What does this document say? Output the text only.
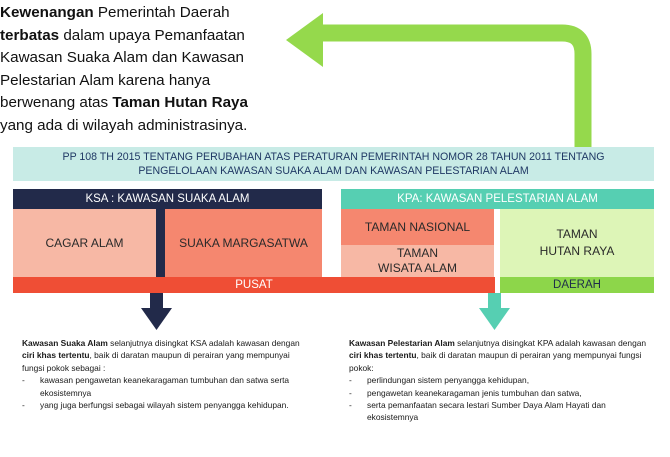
Kewenangan Pemerintah Daerah terbatas dalam upaya Pemanfaatan Kawasan Suaka Alam dan Kawasan Pelestarian Alam karena hanya berwenang atas Taman Hutan Raya yang ada di wilayah administrasinya.
PP 108 TH 2015 TENTANG PERUBAHAN ATAS PERATURAN PEMERINTAH NOMOR 28 TAHUN 2011 TENTANG
PENGELOLAAN KAWASAN SUAKA ALAM DAN KAWASAN PELESTARIAN ALAM
KSA : KAWASAN SUAKA ALAM	KPA: KAWASAN PELESTARIAN ALAM
CAGAR ALAM	SUAKA MARGASATWA
TAMAN NASIONAL
TAMAN
WISATA ALAM
TAMAN
HUTAN RAYA
PUSAT	DAERAH
Kawasan Suaka Alam selanjutnya disingkat KSA adalah kawasan dengan ciri khas tertentu, baik di daratan maupun di perairan yang mempunyai fungsi pokok sebagai :
- kawasan pengawetan keanekaragaman tumbuhan dan satwa serta ekosistemnya
- yang juga berfungsi sebagai wilayah sistem penyangga kehidupan.
Kawasan Pelestarian Alam selanjutnya disingkat KPA adalah kawasan dengan ciri khas tertentu, baik di daratan maupun di perairan yang mempunyai fungsi pokok:
- perlindungan sistem penyangga kehidupan,
- pengawetan keanekaragaman jenis tumbuhan dan satwa,
- serta pemanfaatan secara lestari Sumber Daya Alam Hayati dan ekosistemnya
